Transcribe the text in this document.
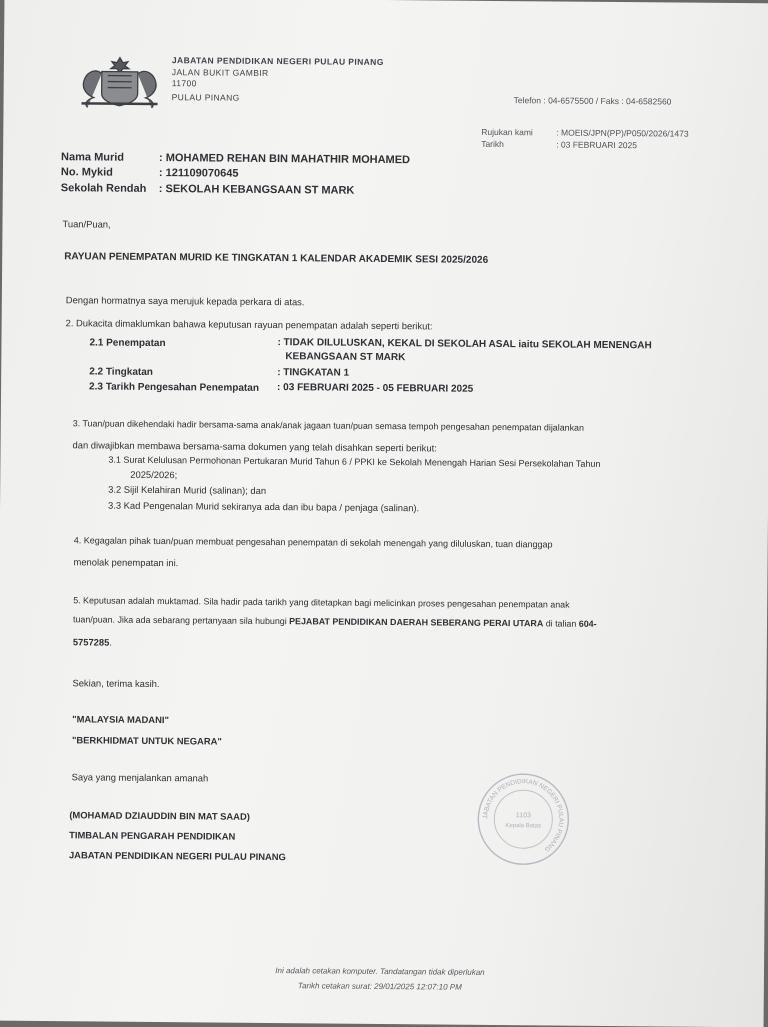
JABATAN PENDIDIKAN NEGERI PULAU PINANG
JALAN BUKIT GAMBIR
11700
PULAU PINANG	Telefon : 04-6575500 / Faks : 04-6582560
Rujukan kami	: MOEIS/JPN(PP)/P050/2026/1473
Tarikh	: 03 FEBRUARI 2025
Nama Murid	: MOHAMED REHAN BIN MAHATHIR MOHAMED
No. Mykid	: 121109070645
Sekolah Rendah : SEKOLAH KEBANGSAAN ST MARK
Tuan/Puan,
RAYUAN PENEMPATAN MURID KE TINGKATAN 1 KALENDAR AKADEMIK SESI 2025/2026
Dengan hormatnya saya merujuk kepada perkara di atas.
2. Dukacita dimaklumkan bahawa keputusan rayuan penempatan adalah seperti berikut:
2.1 Penempatan	: TIDAK DILULUSKAN, KEKAL DI SEKOLAH ASAL iaitu SEKOLAH MENENGAH
KEBANGSAAN ST MARK
2.2 Tingkatan	: TINGKATAN 1
2.3 Tarikh Pengesahan Penempatan : 03 FEBRUARI 2025 - 05 FEBRUARI 2025
3. Tuan/puan dikehendaki hadir bersama-sama anak/anak jagaan tuan/puan semasa tempoh pengesahan penempatan dijalankan
dan diwajibkan membawa bersama-sama dokumen yang telah disahkan seperti berikut:
3.1 Surat Kelulusan Permohonan Pertukaran Murid Tahun 6 / PPKI ke Sekolah Menengah Harian Sesi Persekolahan Tahun
2025/2026;
3.2 Sijil Kelahiran Murid (salinan); dan
3.3 Kad Pengenalan Murid sekiranya ada dan ibu bapa / penjaga (salinan).
4. Kegagalan pihak tuan/puan membuat pengesahan penempatan di sekolah menengah yang diluluskan, tuan dianggap
menolak penempatan ini.
5. Keputusan adalah muktamad. Sila hadir pada tarikh yang ditetapkan bagi melicinkan proses pengesahan penempatan anak
tuan/puan. Jika ada sebarang pertanyaan sila hubungi PEJABAT PENDIDIKAN DAERAH SEBERANG PERAI UTARA di talian 604-
5757285.
Sekian, terima kasih.
"MALAYSIA MADANI"
"BERKHIDMAT UNTUK NEGARA"
Saya yang menjalankan amanah
(MOHAMAD DZIAUDDIN BIN MAT SAAD)
TIMBALAN PENGARAH PENDIDIKAN
JABATAN PENDIDIKAN NEGERI PULAU PINANG
JABATAN PENDIDIKAN NEGERI PULAU PINANG
1103
Kepala Batas
Ini adalah cetakan komputer. Tandatangan tidak diperlukan
Tarikh cetakan surat: 29/01/2025 12:07:10 PM
